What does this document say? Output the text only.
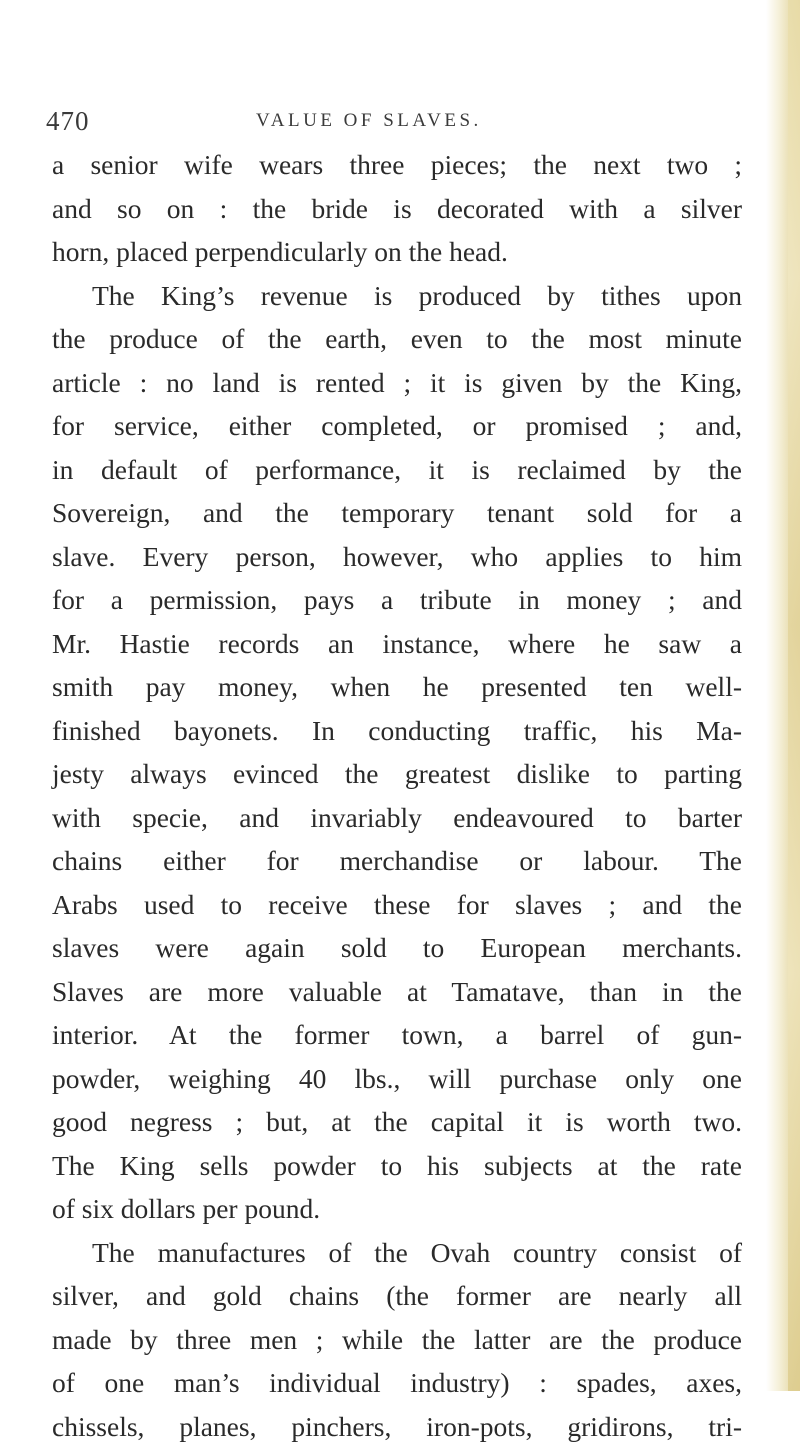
470	VALUE OF SLAVES.
a senior wife wears three pieces; the next two ;
and so on : the bride is decorated with a silver
horn, placed perpendicularly on the head.
The King’s revenue is produced by tithes upon
the produce of the earth, even to the most minute
article : no land is rented ; it is given by the King,
for service, either completed, or promised ; and,
in default of performance, it is reclaimed by the
Sovereign, and the temporary tenant sold for a
slave. Every person, however, who applies to him
for a permission, pays a tribute in money ; and
Mr. Hastie records an instance, where he saw a
smith pay money, when he presented ten well-
finished bayonets. In conducting traffic, his Ma-
jesty always evinced the greatest dislike to parting
with specie, and invariably endeavoured to barter
chains either for merchandise or labour. The
Arabs used to receive these for slaves ; and the
slaves were again sold to European merchants.
Slaves are more valuable at Tamatave, than in the
interior. At the former town, a barrel of gun-
powder, weighing 40 lbs., will purchase only one
good negress ; but, at the capital it is worth two.
The King sells powder to his subjects at the rate
of six dollars per pound.
The manufactures of the Ovah country consist of
silver, and gold chains (the former are nearly all
made by three men ; while the latter are the produce
of one man’s individual industry) : spades, axes,
chissels, planes, pinchers, iron-pots, gridirons, tri-
